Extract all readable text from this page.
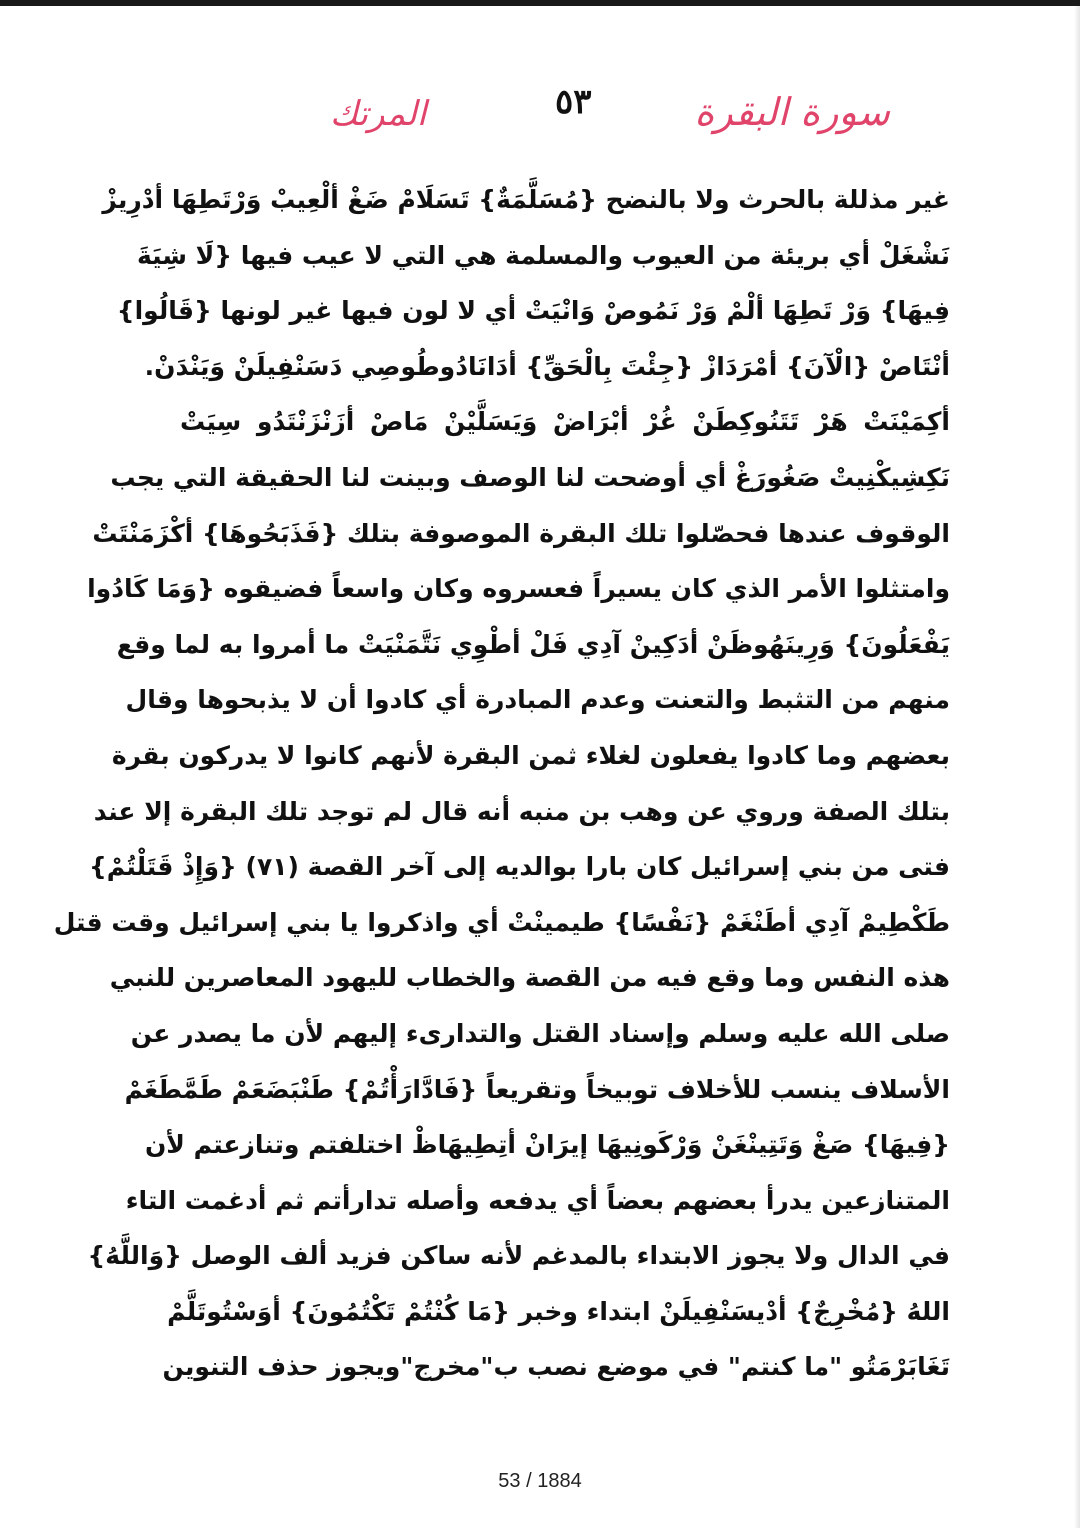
سورة البقرة
٥٣
المرتك
غير مذللة بالحرث ولا بالنضح {مُسَلَّمَةٌ} تَسَلَامْ ضَغْ ألْعِيبْ وَرْتَطِهَا أدْرِيزْ
نَشْغَلْ أي بريئة من العيوب والمسلمة هي التي لا عيب فيها {لَا شِيَةَ
فِيهَا} وَرْ تَطِهَا ألْمْ وَرْ نَمُوصْ وَانْيَتْ أي لا لون فيها غير لونها {قَالُوا}
أنْتَاصْ {الْآنَ} أمْرَدَازْ {جِئْتَ بِالْحَقِّ} أدَانَادُوطُوصِي دَسَنْفِيلَنْ وَيَنْدَنْ.
أكِمَيْنَتْ هَرْ تَتَنُوكِطَنْ غُرْ أبْرَاضْ وَيَسَلَّيْنْ مَاصْ أزَنْزَنْتَدُو سِيَتْ
نَكِشِيكْنِيتْ صَغُورَغْ أي أوضحت لنا الوصف وبينت لنا الحقيقة التي يجب
الوقوف عندها فحصّلوا تلك البقرة الموصوفة بتلك {فَذَبَحُوهَا} أكْزَمَنْتَتْ
وامتثلوا الأمر الذي كان يسيراً فعسروه وكان واسعاً فضيقوه {وَمَا كَادُوا
يَفْعَلُونَ} وَرِينَهُوظَنْ أدَكِينْ آدِي فَلْ أطْوِي نَتَّمَنْيَتْ ما أمروا به لما وقع
منهم من التثبط والتعنت وعدم المبادرة أي كادوا أن لا يذبحوها وقال
بعضهم وما كادوا يفعلون لغلاء ثمن البقرة لأنهم كانوا لا يدركون بقرة
بتلك الصفة وروي عن وهب بن منبه أنه قال لم توجد تلك البقرة إلا عند
فتى من بني إسرائيل كان بارا بوالديه إلى آخر القصة (٧١) {وَإِذْ قَتَلْتُمْ}
طَكْطِيمْ آدِي أطَنْغَمْ {نَفْسًا} طيمينْتْ أي واذكروا يا بني إسرائيل وقت قتل
هذه النفس وما وقع فيه من القصة والخطاب لليهود المعاصرين للنبي
صلى الله عليه وسلم وإسناد القتل والتدارىء إليهم لأن ما يصدر عن
الأسلاف ينسب للأخلاف توبيخاً وتقريعاً {فَادَّارَأْتُمْ} طَنْبَضَعَمْ طَمَّطَغَمْ
{فِيهَا} صَغْ وَتَتِينْغَنْ وَرْكَونِيهَا إيرَانْ أتِطِيهَاظْ اختلفتم وتنازعتم لأن
المتنازعين يدرأ بعضهم بعضاً أي يدفعه وأصله تدارأتم ثم أدغمت التاء
في الدال ولا يجوز الابتداء بالمدغم لأنه ساكن فزيد ألف الوصل {وَاللَّهُ}
اللهُ {مُخْرِجٌ} أدْيسَنْفِيلَنْ ابتداء وخبر {مَا كُنْتُمْ تَكْتُمُونَ} أوَسْتُوتَلَّمْ
تَغَابَرْمَتُو "ما كنتم" في موضع نصب ب"مخرج"ويجوز حذف التنوين
53 / 1884
